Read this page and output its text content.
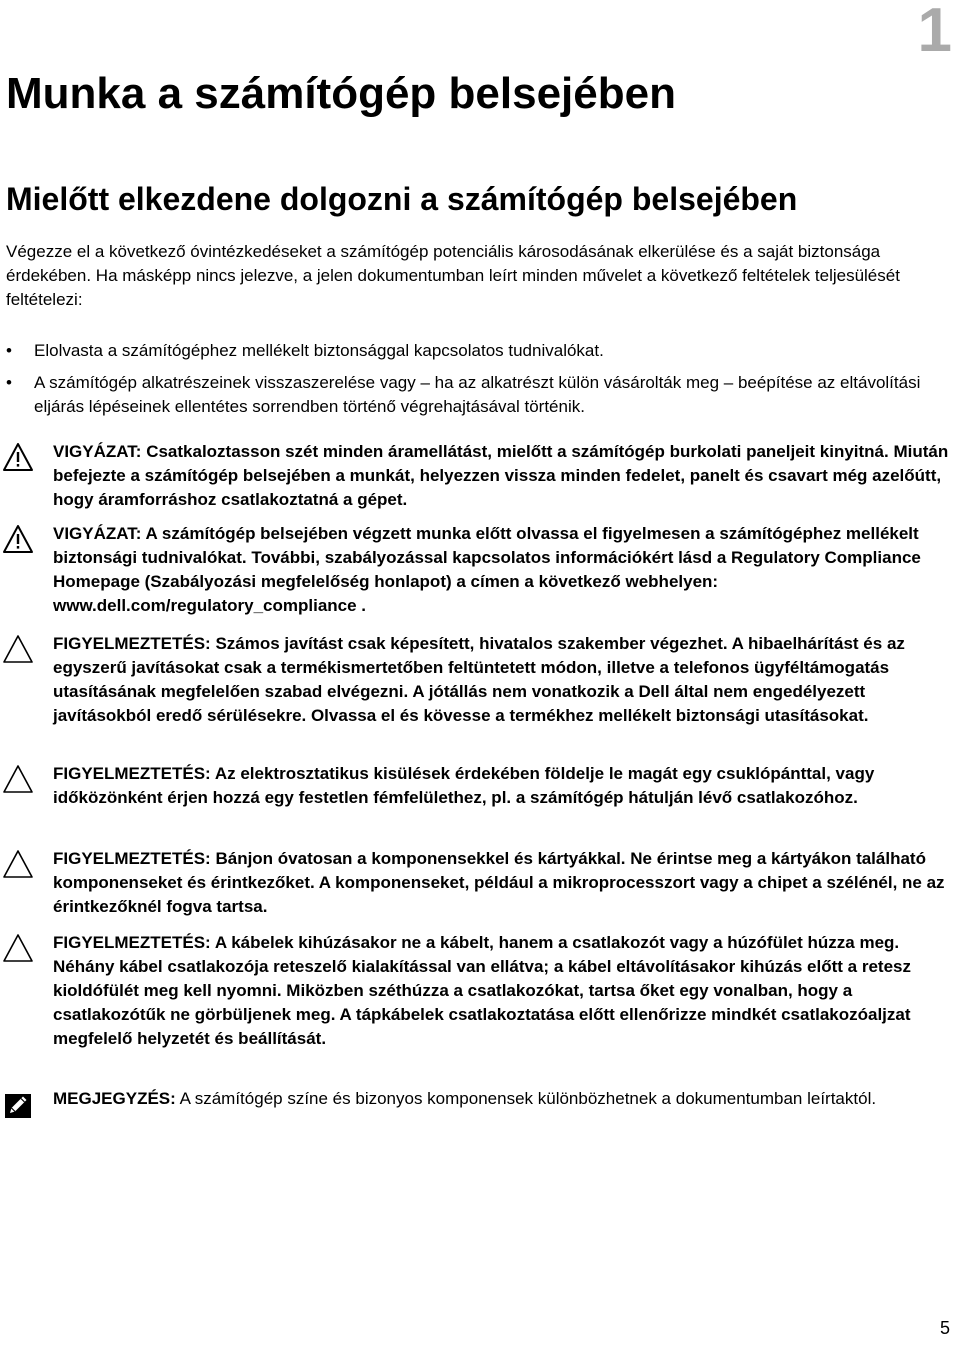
1
Munka a számítógép belsejében
Mielőtt elkezdene dolgozni a számítógép belsejében

Végezze el a következő óvintézkedéseket a számítógép potenciális károsodásának elkerülése és a saját biztonsága érdekében. Ha másképp nincs jelezve, a jelen dokumentumban leírt minden művelet a következő feltételek teljesülését feltételezi:

• Elolvasta a számítógéphez mellékelt biztonsággal kapcsolatos tudnivalókat.
• A számítógép alkatrészeinek visszaszerelése vagy – ha az alkatrészt külön vásárolták meg – beépítése az eltávolítási eljárás lépéseinek ellentétes sorrendben történő végrehajtásával történik.

VIGYÁZAT: Csatkaloztasson szét minden áramellátást, mielőtt a számítógép burkolati paneljeit kinyitná. Miután befejezte a számítógép belsejében a munkát, helyezzen vissza minden fedelet, panelt és csavart még azelőútt, hogy áramforráshoz csatlakoztatná a gépet.

VIGYÁZAT: A számítógép belsejében végzett munka előtt olvassa el figyelmesen a számítógéphez mellékelt biztonsági tudnivalókat. További, szabályozással kapcsolatos információkért lásd a Regulatory Compliance Homepage (Szabályozási megfelelőség honlapot) a címen a következő webhelyen: www.dell.com/regulatory_compliance .

FIGYELMEZTETÉS: Számos javítást csak képesített, hivatalos szakember végezhet. A hibaelhárítást és az egyszerű javításokat csak a termékismertetőben feltüntetett módon, illetve a telefonos ügyféltámogatás utasításának megfelelően szabad elvégezni. A jótállás nem vonatkozik a Dell által nem engedélyezett javításokból eredő sérülésekre. Olvassa el és kövesse a termékhez mellékelt biztonsági utasításokat.

FIGYELMEZTETÉS: Az elektrosztatikus kisülések érdekében földelje le magát egy csuklópánttal, vagy időközönként érjen hozzá egy festetlen fémfelülethez, pl. a számítógép hátulján lévő csatlakozóhoz.

FIGYELMEZTETÉS: Bánjon óvatosan a komponensekkel és kártyákkal. Ne érintse meg a kártyákon található komponenseket és érintkezőket. A komponenseket, például a mikroprocesszort vagy a chipet a szélénél, ne az érintkezőknél fogva tartsa.

FIGYELMEZTETÉS: A kábelek kihúzásakor ne a kábelt, hanem a csatlakozót vagy a húzófület húzza meg. Néhány kábel csatlakozója reteszelő kialakítással van ellátva; a kábel eltávolításakor kihúzás előtt a retesz kioldófülét meg kell nyomni. Miközben széthúzza a csatlakozókat, tartsa őket egy vonalban, hogy a csatlakozótűk ne görbüljenek meg. A tápkábelek csatlakoztatása előtt ellenőrizze mindkét csatlakozóaljzat megfelelő helyzetét és beállítását.

MEGJEGYZÉS: A számítógép színe és bizonyos komponensek különbözhetnek a dokumentumban leírtaktól.

5
